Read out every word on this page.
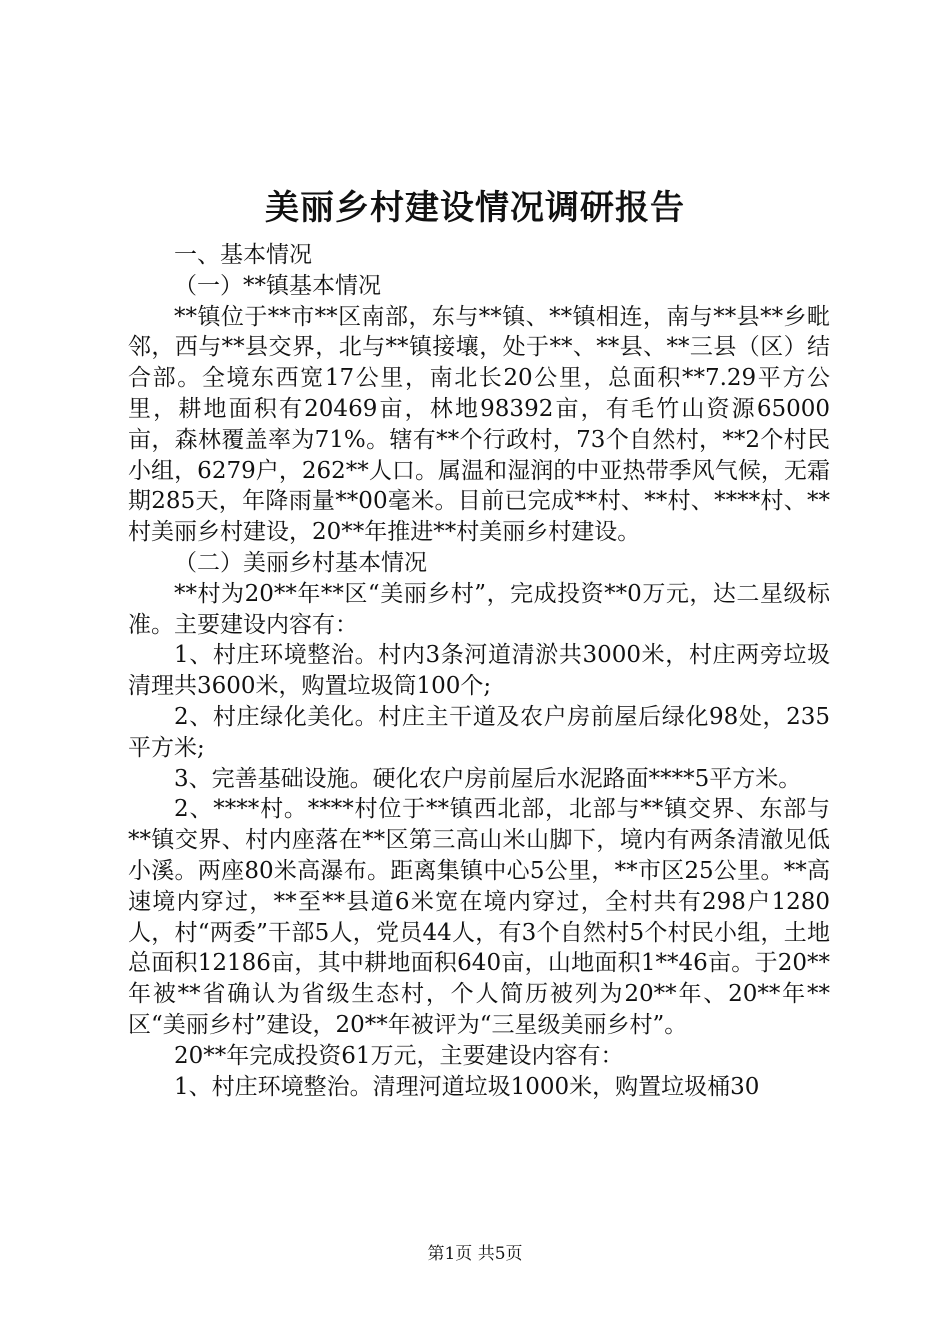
美丽乡村建设情况调研报告

一、基本情况

（一）**镇基本情况

**镇位于**市**区南部，东与**镇、**镇相连，南与**县**乡毗邻，西与**县交界，北与**镇接壤，处于**、**县、**三县（区）结合部。全境东西宽17公里，南北长20公里，总面积**7.29平方公里，耕地面积有20469亩，林地98392亩，有毛竹山资源65000亩，森林覆盖率为71%。辖有**个行政村，73个自然村，**2个村民小组，6279户，262**人口。属温和湿润的中亚热带季风气候，无霜期285天，年降雨量**00毫米。目前已完成**村、**村、****村、**村美丽乡村建设，20**年推进**村美丽乡村建设。

（二）美丽乡村基本情况

**村为20**年**区“美丽乡村”，完成投资**0万元，达二星级标准。主要建设内容有：

1、村庄环境整治。村内3条河道清淤共3000米，村庄两旁垃圾清理共3600米，购置垃圾筒100个;

2、村庄绿化美化。村庄主干道及农户房前屋后绿化98处，235平方米;

3、完善基础设施。硬化农户房前屋后水泥路面****5平方米。

2、****村。****村位于**镇西北部，北部与**镇交界、东部与**镇交界、村内座落在**区第三高山米山脚下，境内有两条清澈见低小溪。两座80米高瀑布。距离集镇中心5公里，**市区25公里。**高速境内穿过，**至**县道6米宽在境内穿过，全村共有298户1280人，村“两委”干部5人，党员44人，有3个自然村5个村民小组，土地总面积12186亩，其中耕地面积640亩，山地面积1**46亩。于20**年被**省确认为省级生态村，个人简历被列为20**年、20**年**区“美丽乡村”建设，20**年被评为“三星级美丽乡村”。

20**年完成投资61万元，主要建设内容有：

1、村庄环境整治。清理河道垃圾1000米，购置垃圾桶30

第1页 共5页
